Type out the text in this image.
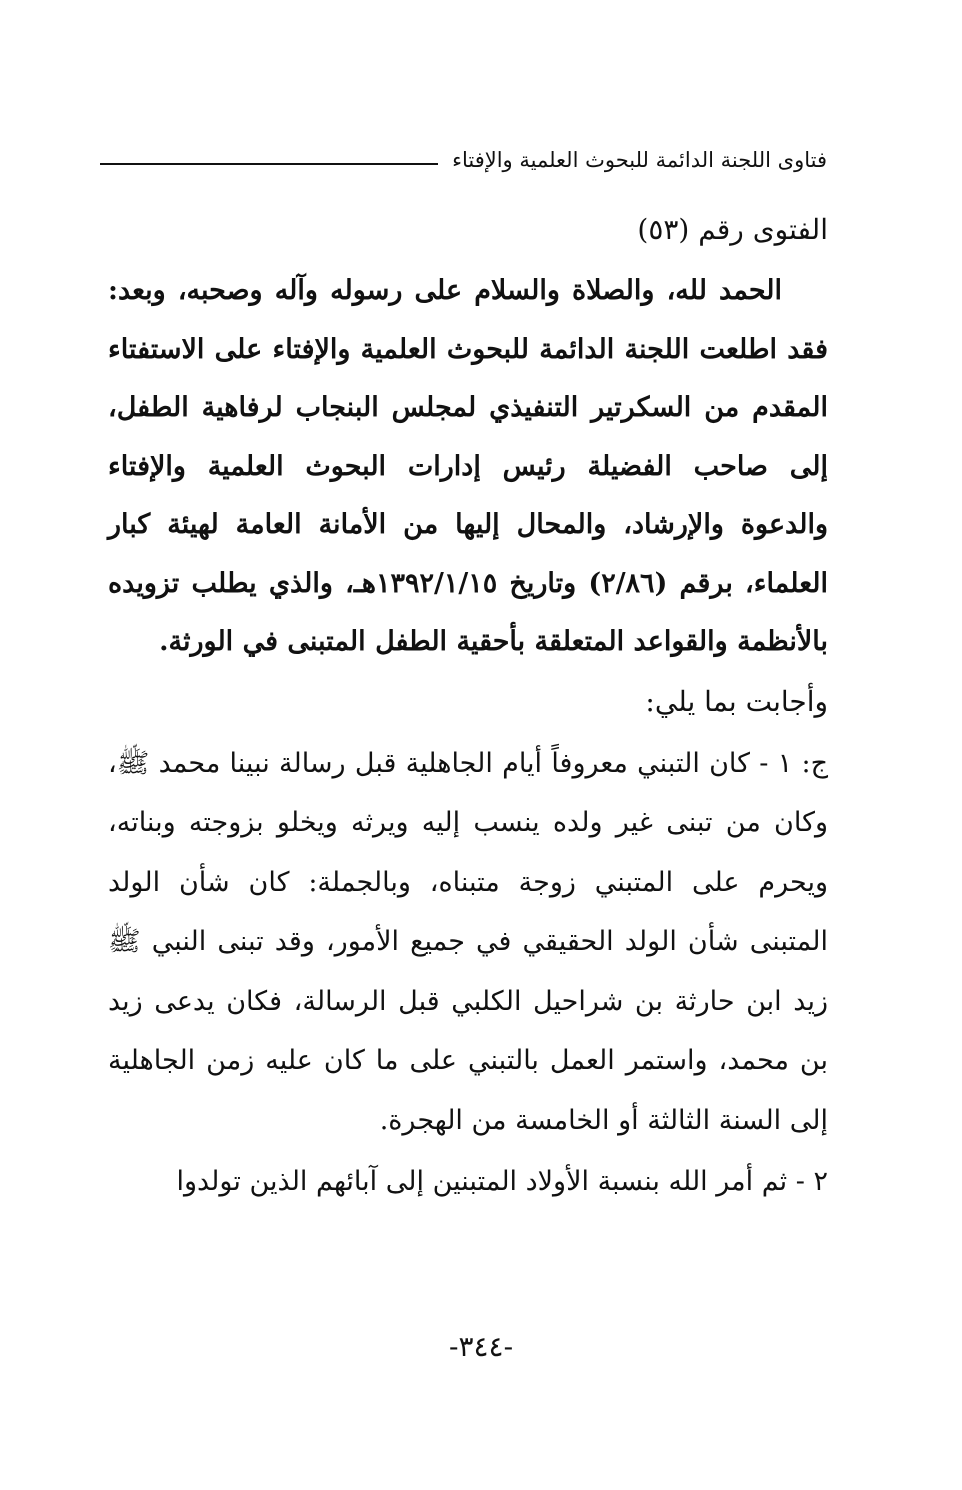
فتاوى اللجنة الدائمة للبحوث العلمية والإفتاء

الفتوى رقم (٥٣)

الحمد لله، والصلاة والسلام على رسوله وآله وصحبه، وبعد: فقد اطلعت اللجنة الدائمة للبحوث العلمية والإفتاء على الاستفتاء المقدم من السكرتير التنفيذي لمجلس البنجاب لرفاهية الطفل، إلى صاحب الفضيلة رئيس إدارات البحوث العلمية والإفتاء والدعوة والإرشاد، والمحال إليها من الأمانة العامة لهيئة كبار العلماء، برقم (٢/٨٦) وتاريخ ١٣٩٢/١/١٥هـ، والذي يطلب تزويده بالأنظمة والقواعد المتعلقة بأحقية الطفل المتبنى في الورثة.

وأجابت بما يلي:

ج: ١ - كان التبني معروفاً أيام الجاهلية قبل رسالة نبينا محمد ﷺ، وكان من تبنى غير ولده ينسب إليه ويرثه ويخلو بزوجته وبناته، ويحرم على المتبني زوجة متبناه، وبالجملة: كان شأن الولد المتبنى شأن الولد الحقيقي في جميع الأمور، وقد تبنى النبي ﷺ زيد ابن حارثة بن شراحيل الكلبي قبل الرسالة، فكان يدعى زيد بن محمد، واستمر العمل بالتبني على ما كان عليه زمن الجاهلية إلى السنة الثالثة أو الخامسة من الهجرة.

٢ - ثم أمر الله بنسبة الأولاد المتبنين إلى آبائهم الذين تولدوا

-٣٤٤-
